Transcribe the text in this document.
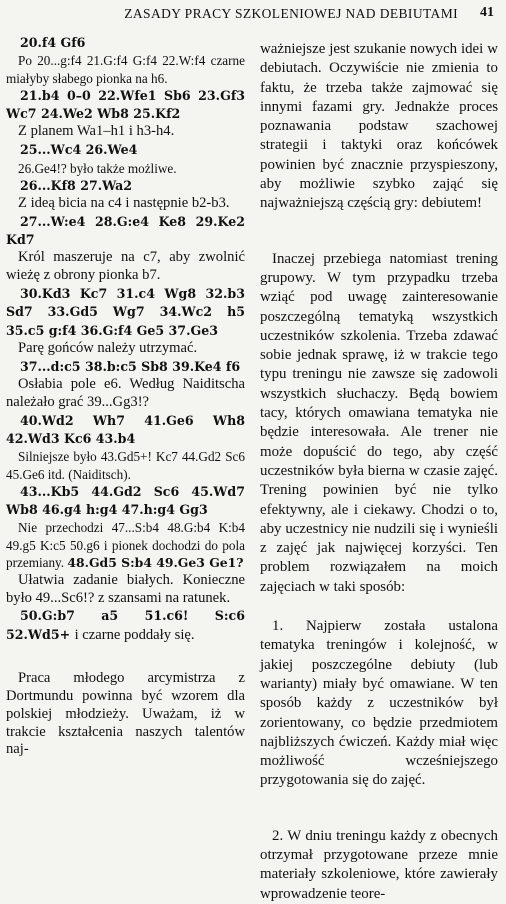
ZASADY PRACY SZKOLENIOWEJ NAD DEBIUTAMI 41

20.f4 Gf6

Po 20...g:f4 21.G:f4 G:f4 22.W:f4 czarne miałyby słabego pionka na h6.

21.b4 0–0 22.Wfe1 Sb6 23.Gf3 Wc7 24.We2 Wb8 25.Kf2

Z planem Wa1–h1 i h3-h4.

25...Wc4 26.We4

26.Ge4!? było także możliwe.

26...Kf8 27.Wa2

Z ideą bicia na c4 i następnie b2-b3.

27...W:e4 28.G:e4 Ke8 29.Ke2 Kd7

Król maszeruje na c7, aby zwolnić wieżę z obrony pionka b7.

30.Kd3 Kc7 31.c4 Wg8 32.b3 Sd7 33.Gd5 Wg7 34.Wc2 h5 35.c5 g:f4 36.G:f4 Ge5 37.Ge3

Parę gońców należy utrzymać.

37...d:c5 38.b:c5 Sb8 39.Ke4 f6

Osłabia pole e6. Według Naiditscha należało grać 39...Gg3!?

40.Wd2 Wh7 41.Ge6 Wh8 42.Wd3 Kc6 43.b4

Silniejsze było 43.Gd5+! Kc7 44.Gd2 Sc6 45.Ge6 itd. (Naiditsch).

43...Kb5 44.Gd2 Sc6 45.Wd7 Wb8 46.g4 h:g4 47.h:g4 Gg3

Nie przechodzi 47...S:b4 48.G:b4 K:b4 49.g5 K:c5 50.g6 i pionek dochodzi do pola przemiany. 48.Gd5 S:b4 49.Ge3 Ge1?

Ułatwia zadanie białych. Konieczne było 49...Sc6!? z szansami na ratunek.

50.G:b7 a5 51.c6! S:c6 52.Wd5+ i czarne poddały się.

Praca młodego arcymistrza z Dortmundu powinna być wzorem dla polskiej młodzieży. Uważam, iż w trakcie kształcenia naszych talentów naj-

ważniejsze jest szukanie nowych idei w debiutach. Oczywiście nie zmienia to faktu, że trzeba także zajmować się innymi fazami gry. Jednakże proces poznawania podstaw szachowej strategii i taktyki oraz końcówek powinien być znacznie przyspieszony, aby możliwie szybko zająć się najważniejszą częścią gry: debiutem!

Inaczej przebiega natomiast trening grupowy. W tym przypadku trzeba wziąć pod uwagę zainteresowanie poszczególną tematyką wszystkich uczestników szkolenia. Trzeba zdawać sobie jednak sprawę, iż w trakcie tego typu treningu nie zawsze się zadowoli wszystkich słuchaczy. Będą bowiem tacy, których omawiana tematyka nie będzie interesowała. Ale trener nie może dopuścić do tego, aby część uczestników była bierna w czasie zajęć. Trening powinien być nie tylko efektywny, ale i ciekawy. Chodzi o to, aby uczestnicy nie nudzili się i wynieśli z zajęć jak najwięcej korzyści. Ten problem rozwiązałem na moich zajęciach w taki sposób:

1. Najpierw została ustalona tematyka treningów i kolejność, w jakiej poszczególne debiuty (lub warianty) miały być omawiane. W ten sposób każdy z uczestników był zorientowany, co będzie przedmiotem najbliższych ćwiczeń. Każdy miał więc możliwość wcześniejszego przygotowania się do zajęć.

2. W dniu treningu każdy z obecnych otrzymał przygotowane przeze mnie materiały szkoleniowe, które zawierały wprowadzenie teore-
